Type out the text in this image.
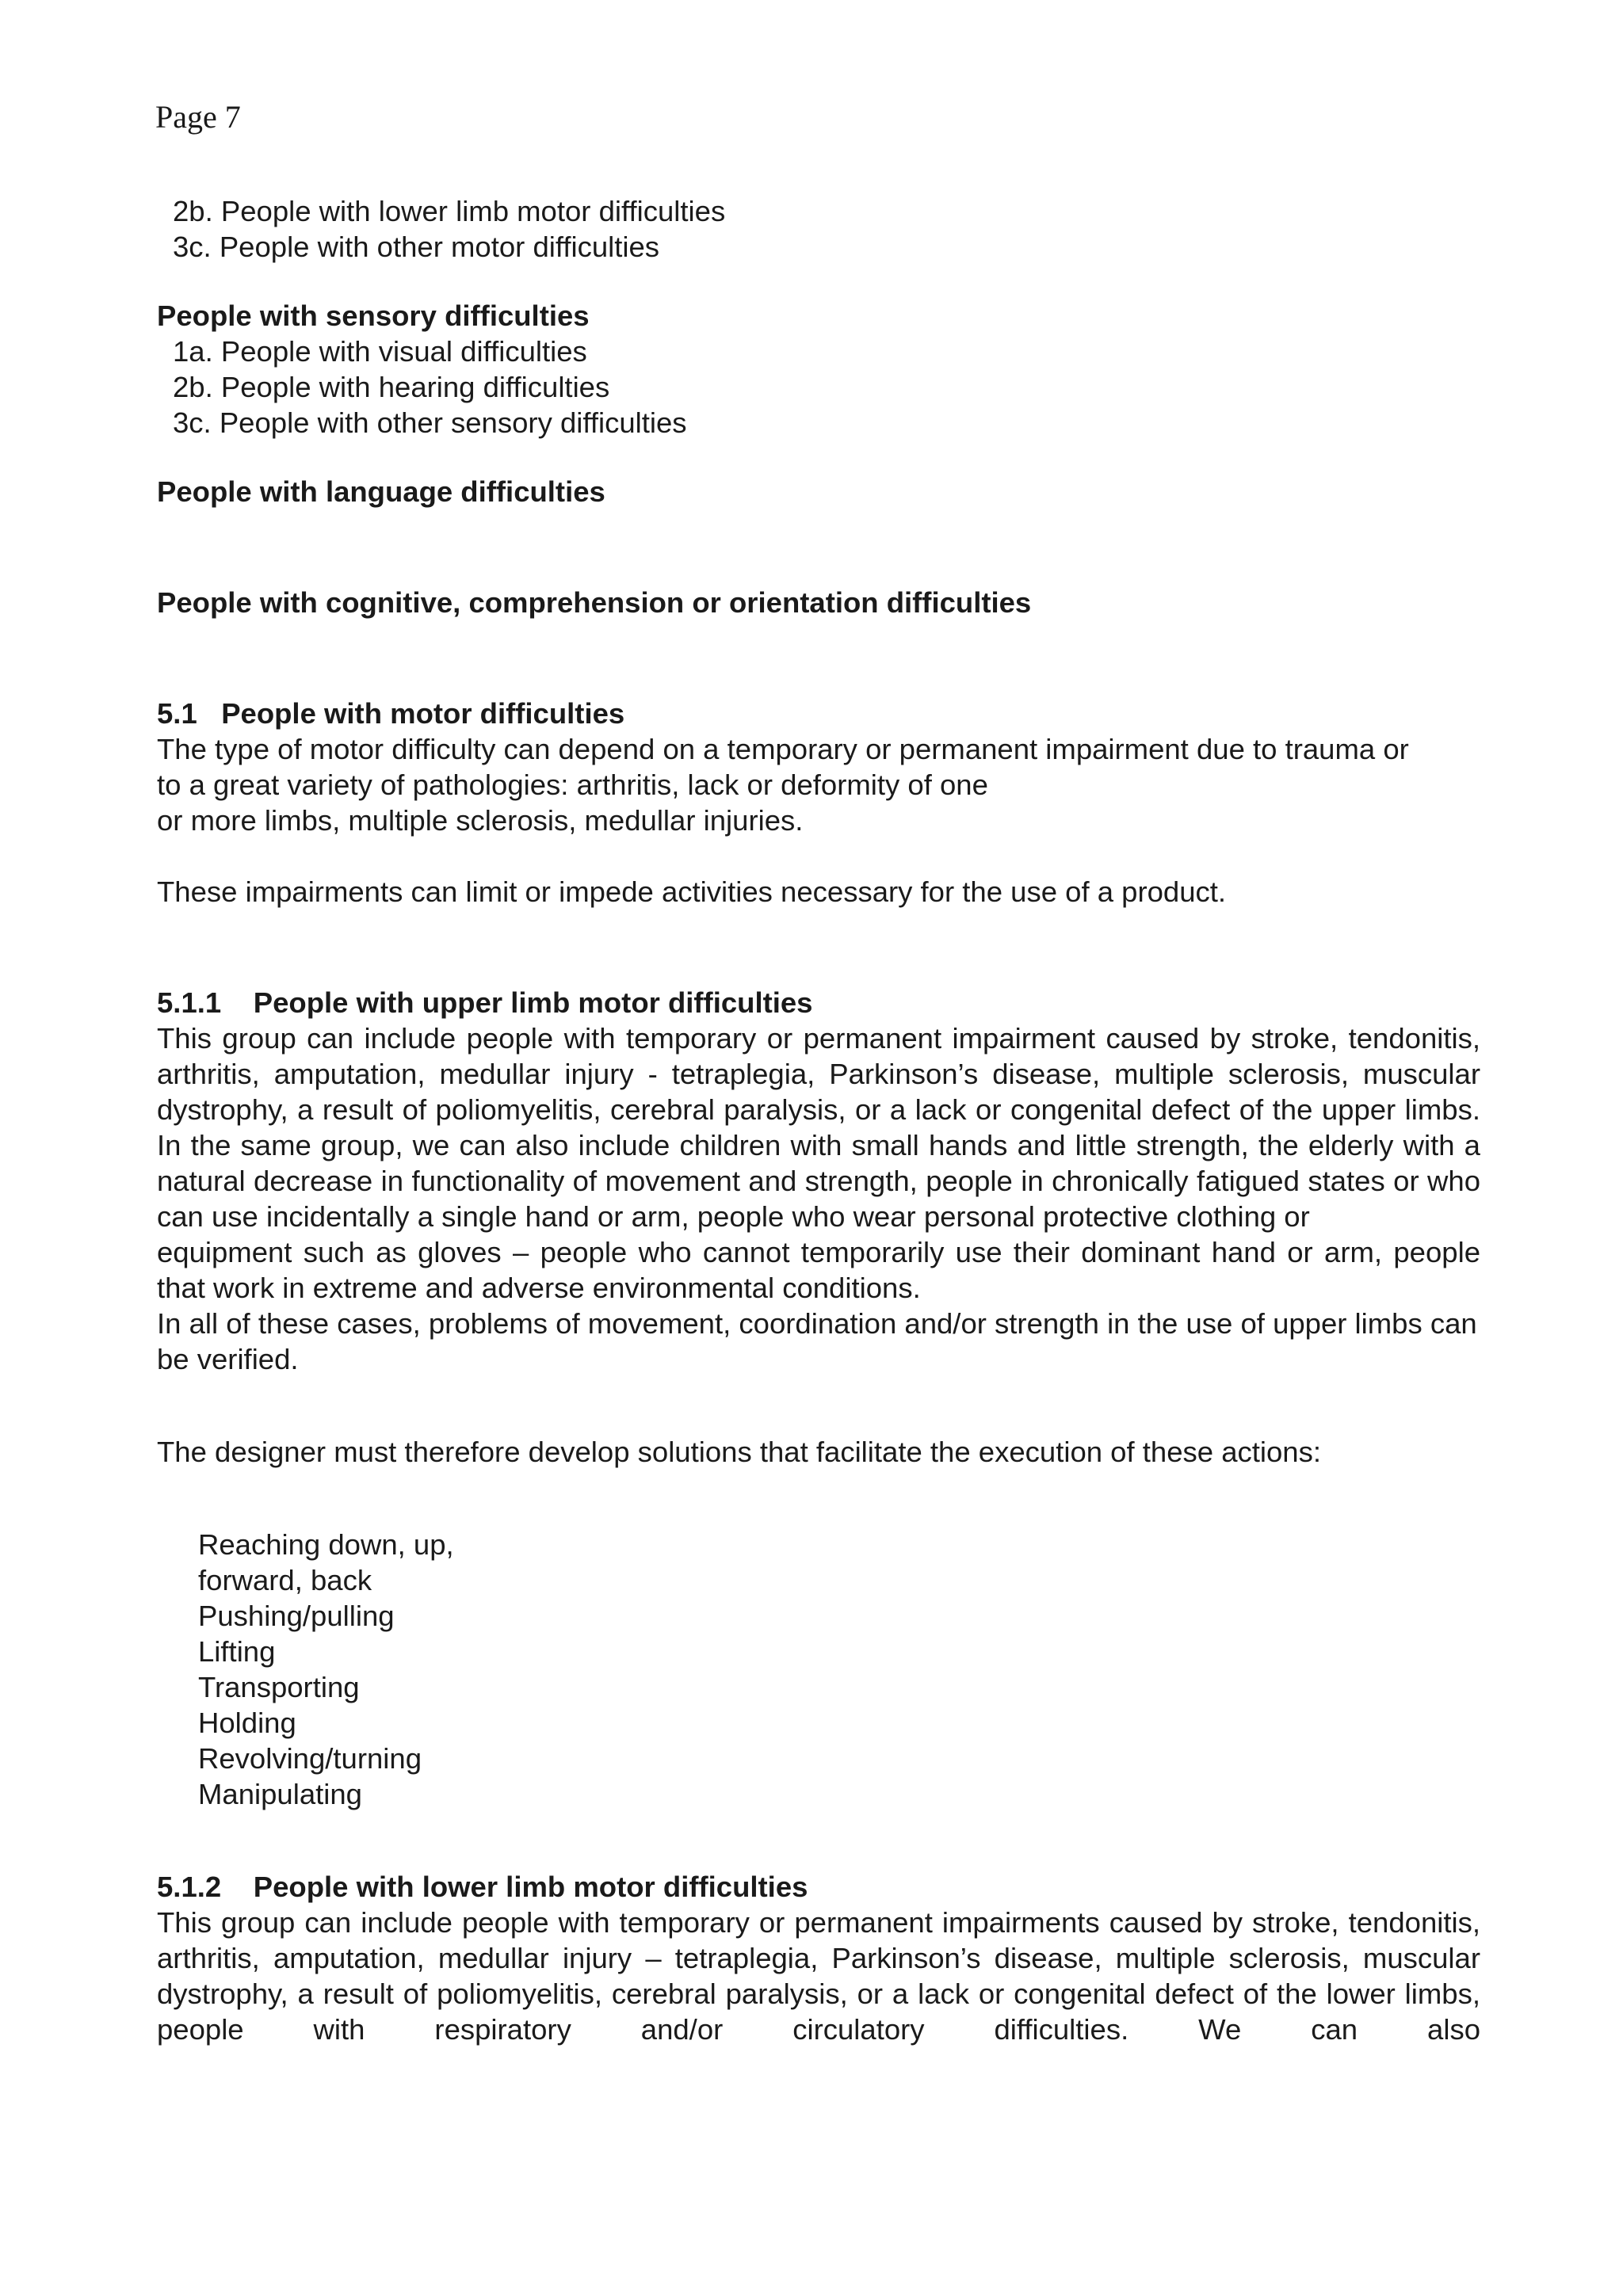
Page 7
2b. People with lower limb motor difficulties
3c. People with other motor difficulties
People with sensory difficulties
1a. People with visual difficulties
2b. People with hearing difficulties
3c. People with other sensory difficulties
People with language difficulties
People with cognitive, comprehension or orientation difficulties
5.1 People with motor difficulties
The type of motor difficulty can depend on a temporary or permanent impairment due to trauma or
to a great variety of pathologies: arthritis, lack or deformity of one
or more limbs, multiple sclerosis, medullar injuries.

These impairments can limit or impede activities necessary for the use of a product.

5.1.1 People with upper limb motor difficulties

This group can include people with temporary or permanent impairment caused by stroke, tendonitis, arthritis, amputation, medullar injury - tetraplegia, Parkinson’s disease, multiple sclerosis, muscular dystrophy, a result of poliomyelitis, cerebral paralysis, or a lack or congenital defect of the upper limbs. In the same group, we can also include children with small hands and little strength, the elderly with a natural decrease in functionality of movement and strength, people in chronically fatigued states or who can use incidentally a single hand or arm, people who wear personal protective clothing or

equipment such as gloves – people who cannot temporarily use their dominant hand or arm, people that work in extreme and adverse environmental conditions.

In all of these cases, problems of movement, coordination and/or strength in the use of upper limbs can be verified.

The designer must therefore develop solutions that facilitate the execution of these actions:

Reaching down, up,
forward, back
Pushing/pulling
Lifting
Transporting
Holding
Revolving/turning
Manipulating
5.1.2 People with lower limb motor difficulties

This group can include people with temporary or permanent impairments caused by stroke, tendonitis, arthritis, amputation, medullar injury – tetraplegia, Parkinson’s disease, multiple sclerosis, muscular dystrophy, a result of poliomyelitis, cerebral paralysis, or a lack or congenital defect of the lower limbs, people with respiratory and/or circulatory difficulties. We can also
